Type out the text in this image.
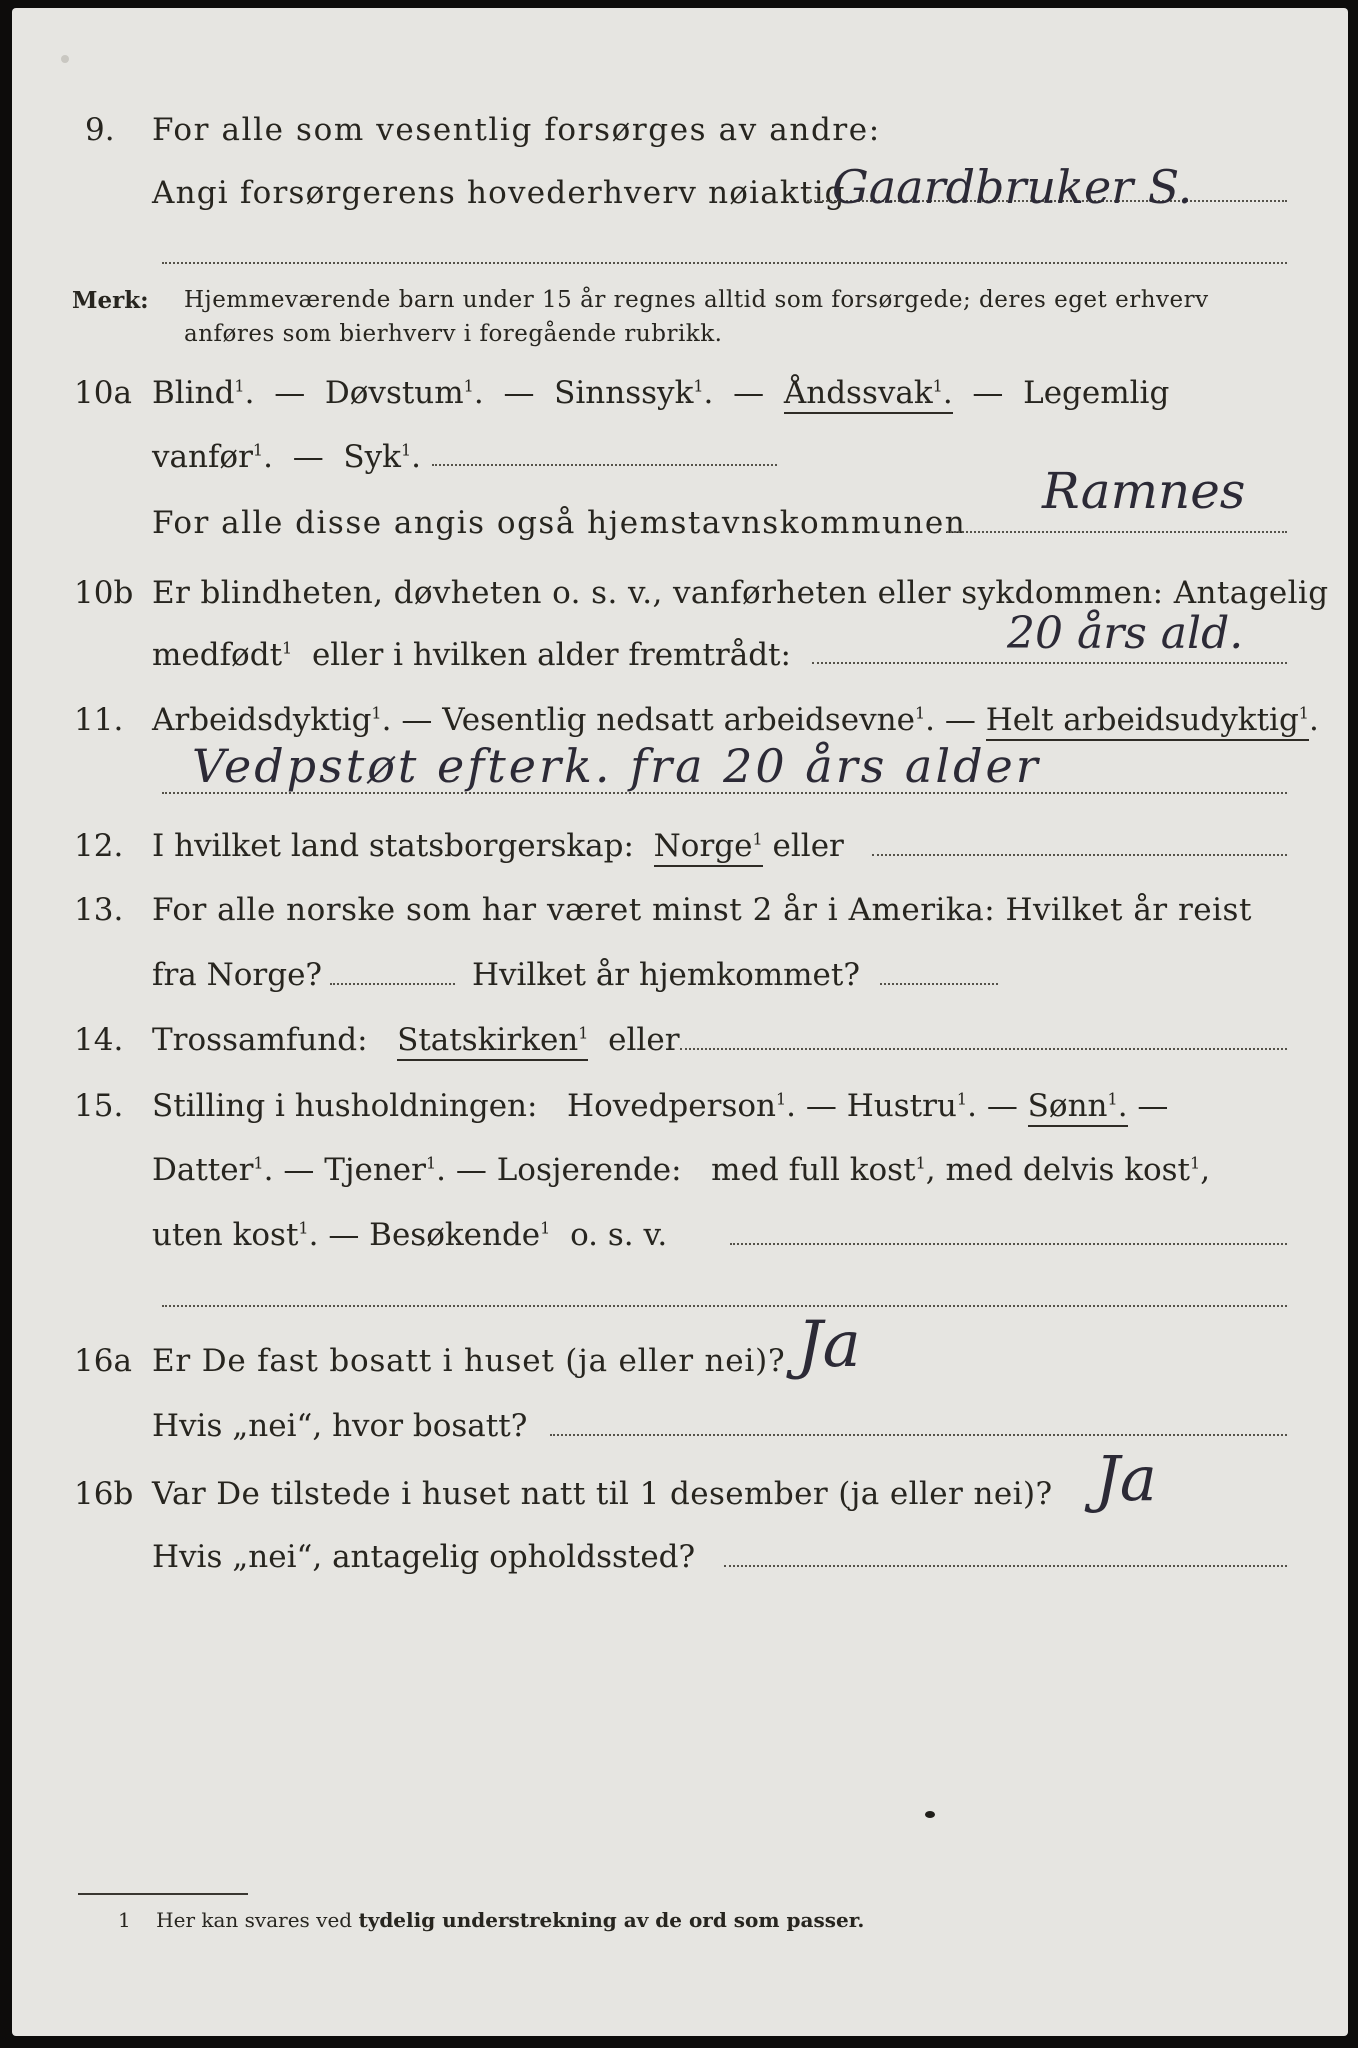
9. For alle som vesentlig forsørges av andre:
Angi forsørgerens hovederhverv nøiaktig
Gaardbruker S.
Merk: Hjemmeværende barn under 15 år regnes alltid som forsørgede; deres eget erhverv
anføres som bierhverv i foregående rubrikk.
10a Blind$^1$. — Døvstum$^1$. — Sinnssyk$^1$. — Åndssvak$^1$. — Legemlig
vanfør$^1$. — Syk$^1$.
For alle disse angis også hjemstavnskommunen
Ramnes
10b Er blindheten, døvheten o. s. v., vanførheten eller sykdommen: Antagelig
medfødt$^1$ eller i hvilken alder fremtrådt:	20 års ald.
11. Arbeidsdyktig$^1$. — Vesentlig nedsatt arbeidsevne$^1$. — Helt arbeidsudyktig$^1$.
Vedpstøt efterk. fra 20 års alder
12. I hvilket land statsborgerskap: Norge$^1$ eller
13. For alle norske som har været minst 2 år i Amerika: Hvilket år reist
fra Norge?	Hvilket år hjemkommet?
14. Trossamfund: Statskirken$^1$ eller
15. Stilling i husholdningen: Hovedperson$^1$. — Hustru$^1$. — Sønn$^1$. —
Datter$^1$. — Tjener$^1$. — Losjerende: med full kost$^1$, med delvis kost$^1$,
uten kost$^1$. — Besøkende$^1$ o. s. v.
16a Er De fast bosatt i huset (ja eller nei)? Ja
Hvis „nei“, hvor bosatt?
16b Var De tilstede i huset natt til 1 desember (ja eller nei)? Ja
Hvis „nei“, antagelig opholdssted?
1 Her kan svares ved tydelig understrekning av de ord som passer.
